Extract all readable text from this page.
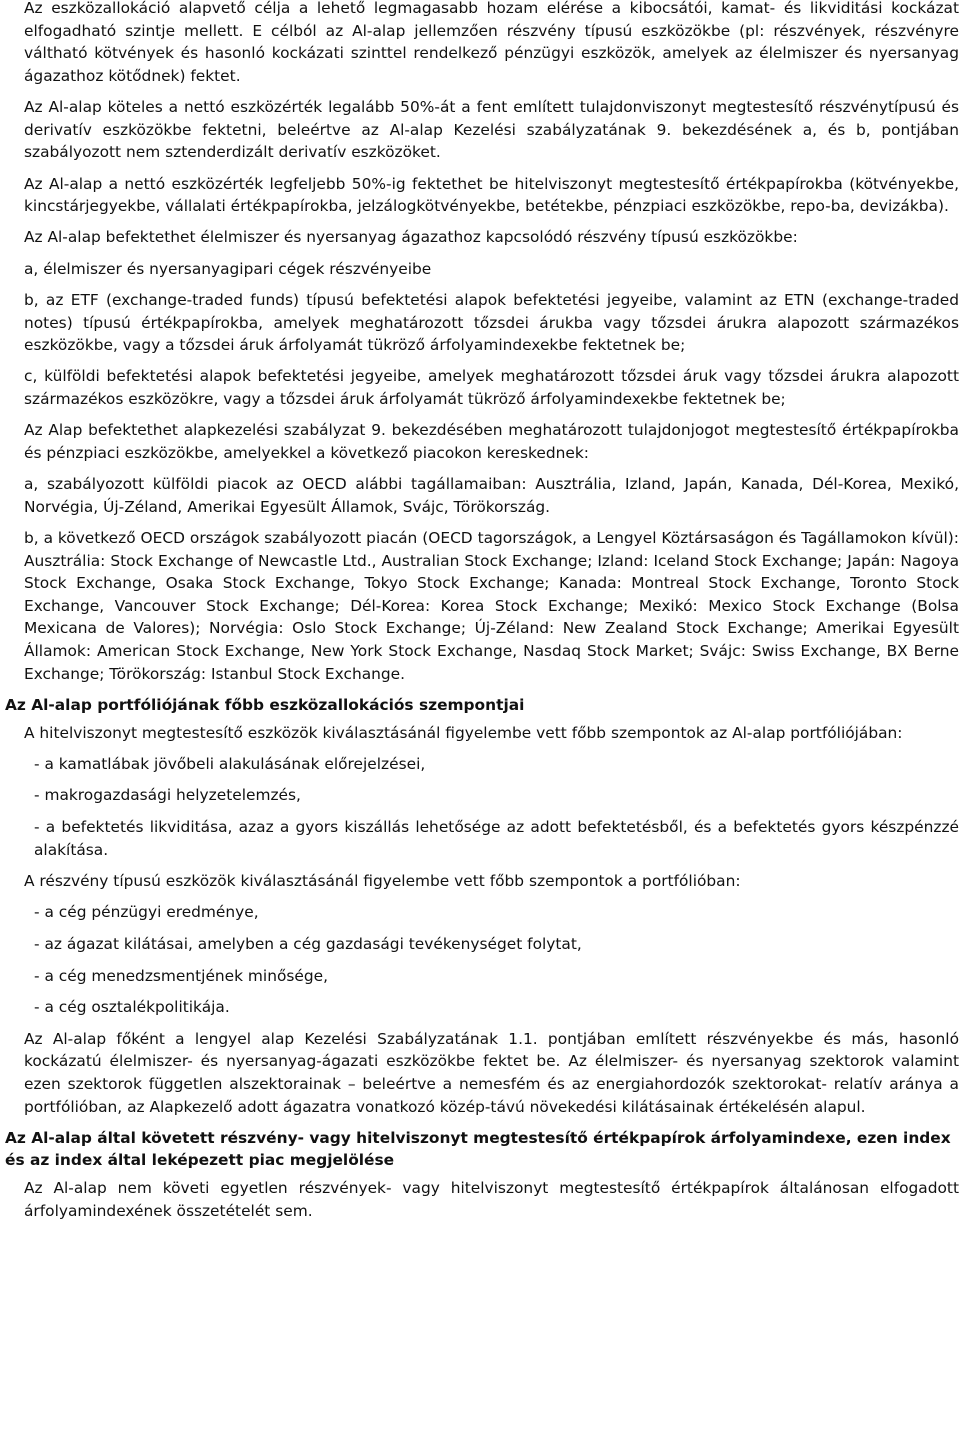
Az eszközallokáció alapvető célja a lehető legmagasabb hozam elérése a kibocsátói, kamat- és likviditási kockázat elfogadható szintje mellett. E célból az Al-alap jellemzően részvény típusú eszközökbe (pl: részvények, részvényre váltható kötvények és hasonló kockázati szinttel rendelkező pénzügyi eszközök, amelyek az élelmiszer és nyersanyag ágazathoz kötődnek) fektet.

Az Al-alap köteles a nettó eszközérték legalább 50%-át a fent említett tulajdonviszonyt megtestesítő részvénytípusú és derivatív eszközökbe fektetni, beleértve az Al-alap Kezelési szabályzatának 9. bekezdésének a, és b, pontjában szabályozott nem sztenderdizált derivatív eszközöket.

Az Al-alap a nettó eszközérték legfeljebb 50%-ig fektethet be hitelviszonyt megtestesítő értékpapírokba (kötvényekbe, kincstárjegyekbe, vállalati értékpapírokba, jelzálogkötvényekbe, betétekbe, pénzpiaci eszközökbe, repo-ba, devizákba).

Az Al-alap befektethet élelmiszer és nyersanyag ágazathoz kapcsolódó részvény típusú eszközökbe:

a, élelmiszer és nyersanyagipari cégek részvényeibe

b, az ETF (exchange-traded funds) típusú befektetési alapok befektetési jegyeibe, valamint az ETN (exchange-traded notes) típusú értékpapírokba, amelyek meghatározott tőzsdei árukba vagy tőzsdei árukra alapozott származékos eszközökbe, vagy a tőzsdei áruk árfolyamát tükröző árfolyamindexekbe fektetnek be;

c, külföldi befektetési alapok befektetési jegyeibe, amelyek meghatározott tőzsdei áruk vagy tőzsdei árukra alapozott származékos eszközökre, vagy a tőzsdei áruk árfolyamát tükröző árfolyamindexekbe fektetnek be;

Az Alap befektethet alapkezelési szabályzat 9. bekezdésében meghatározott tulajdonjogot megtestesítő értékpapírokba és pénzpiaci eszközökbe, amelyekkel a következő piacokon kereskednek:

a, szabályozott külföldi piacok az OECD alábbi tagállamaiban: Ausztrália, Izland, Japán, Kanada, Dél-Korea, Mexikó, Norvégia, Új-Zéland, Amerikai Egyesült Államok, Svájc, Törökország.

b, a következő OECD országok szabályozott piacán (OECD tagországok, a Lengyel Köztársaságon és Tagállamokon kívül): Ausztrália: Stock Exchange of Newcastle Ltd., Australian Stock Exchange; Izland: Iceland Stock Exchange; Japán: Nagoya Stock Exchange, Osaka Stock Exchange, Tokyo Stock Exchange; Kanada: Montreal Stock Exchange, Toronto Stock Exchange, Vancouver Stock Exchange; Dél-Korea: Korea Stock Exchange; Mexikó: Mexico Stock Exchange (Bolsa Mexicana de Valores); Norvégia: Oslo Stock Exchange; Új-Zéland: New Zealand Stock Exchange; Amerikai Egyesült Államok: American Stock Exchange, New York Stock Exchange, Nasdaq Stock Market; Svájc: Swiss Exchange, BX Berne Exchange; Törökország: Istanbul Stock Exchange.

Az Al-alap portfóliójának főbb eszközallokációs szempontjai

A hitelviszonyt megtestesítő eszközök kiválasztásánál figyelembe vett főbb szempontok az Al-alap portfóliójában:

- a kamatlábak jövőbeli alakulásának előrejelzései,
- makrogazdasági helyzetelemzés,
- a befektetés likviditása, azaz a gyors kiszállás lehetősége az adott befektetésből, és a befektetés gyors készpénzzé alakítása.

A részvény típusú eszközök kiválasztásánál figyelembe vett főbb szempontok a portfólióban:

- a cég pénzügyi eredménye,
- az ágazat kilátásai, amelyben a cég gazdasági tevékenységet folytat,
- a cég menedzsmentjének minősége,
- a cég osztalékpolitikája.

Az Al-alap főként a lengyel alap Kezelési Szabályzatának 1.1. pontjában említett részvényekbe és más, hasonló kockázatú élelmiszer- és nyersanyag-ágazati eszközökbe fektet be. Az élelmiszer- és nyersanyag szektorok valamint ezen szektorok független alszektorainak – beleértve a nemesfém és az energiahordozók szektorokat- relatív aránya a portfólióban, az Alapkezelő adott ágazatra vonatkozó közép-távú növekedési kilátásainak értékelésén alapul.

Az Al-alap által követett részvény- vagy hitelviszonyt megtestesítő értékpapírok árfolyamindexe, ezen index és az index által leképezett piac megjelölése

Az Al-alap nem követi egyetlen részvények- vagy hitelviszonyt megtestesítő értékpapírok általánosan elfogadott árfolyamindexének összetételét sem.
